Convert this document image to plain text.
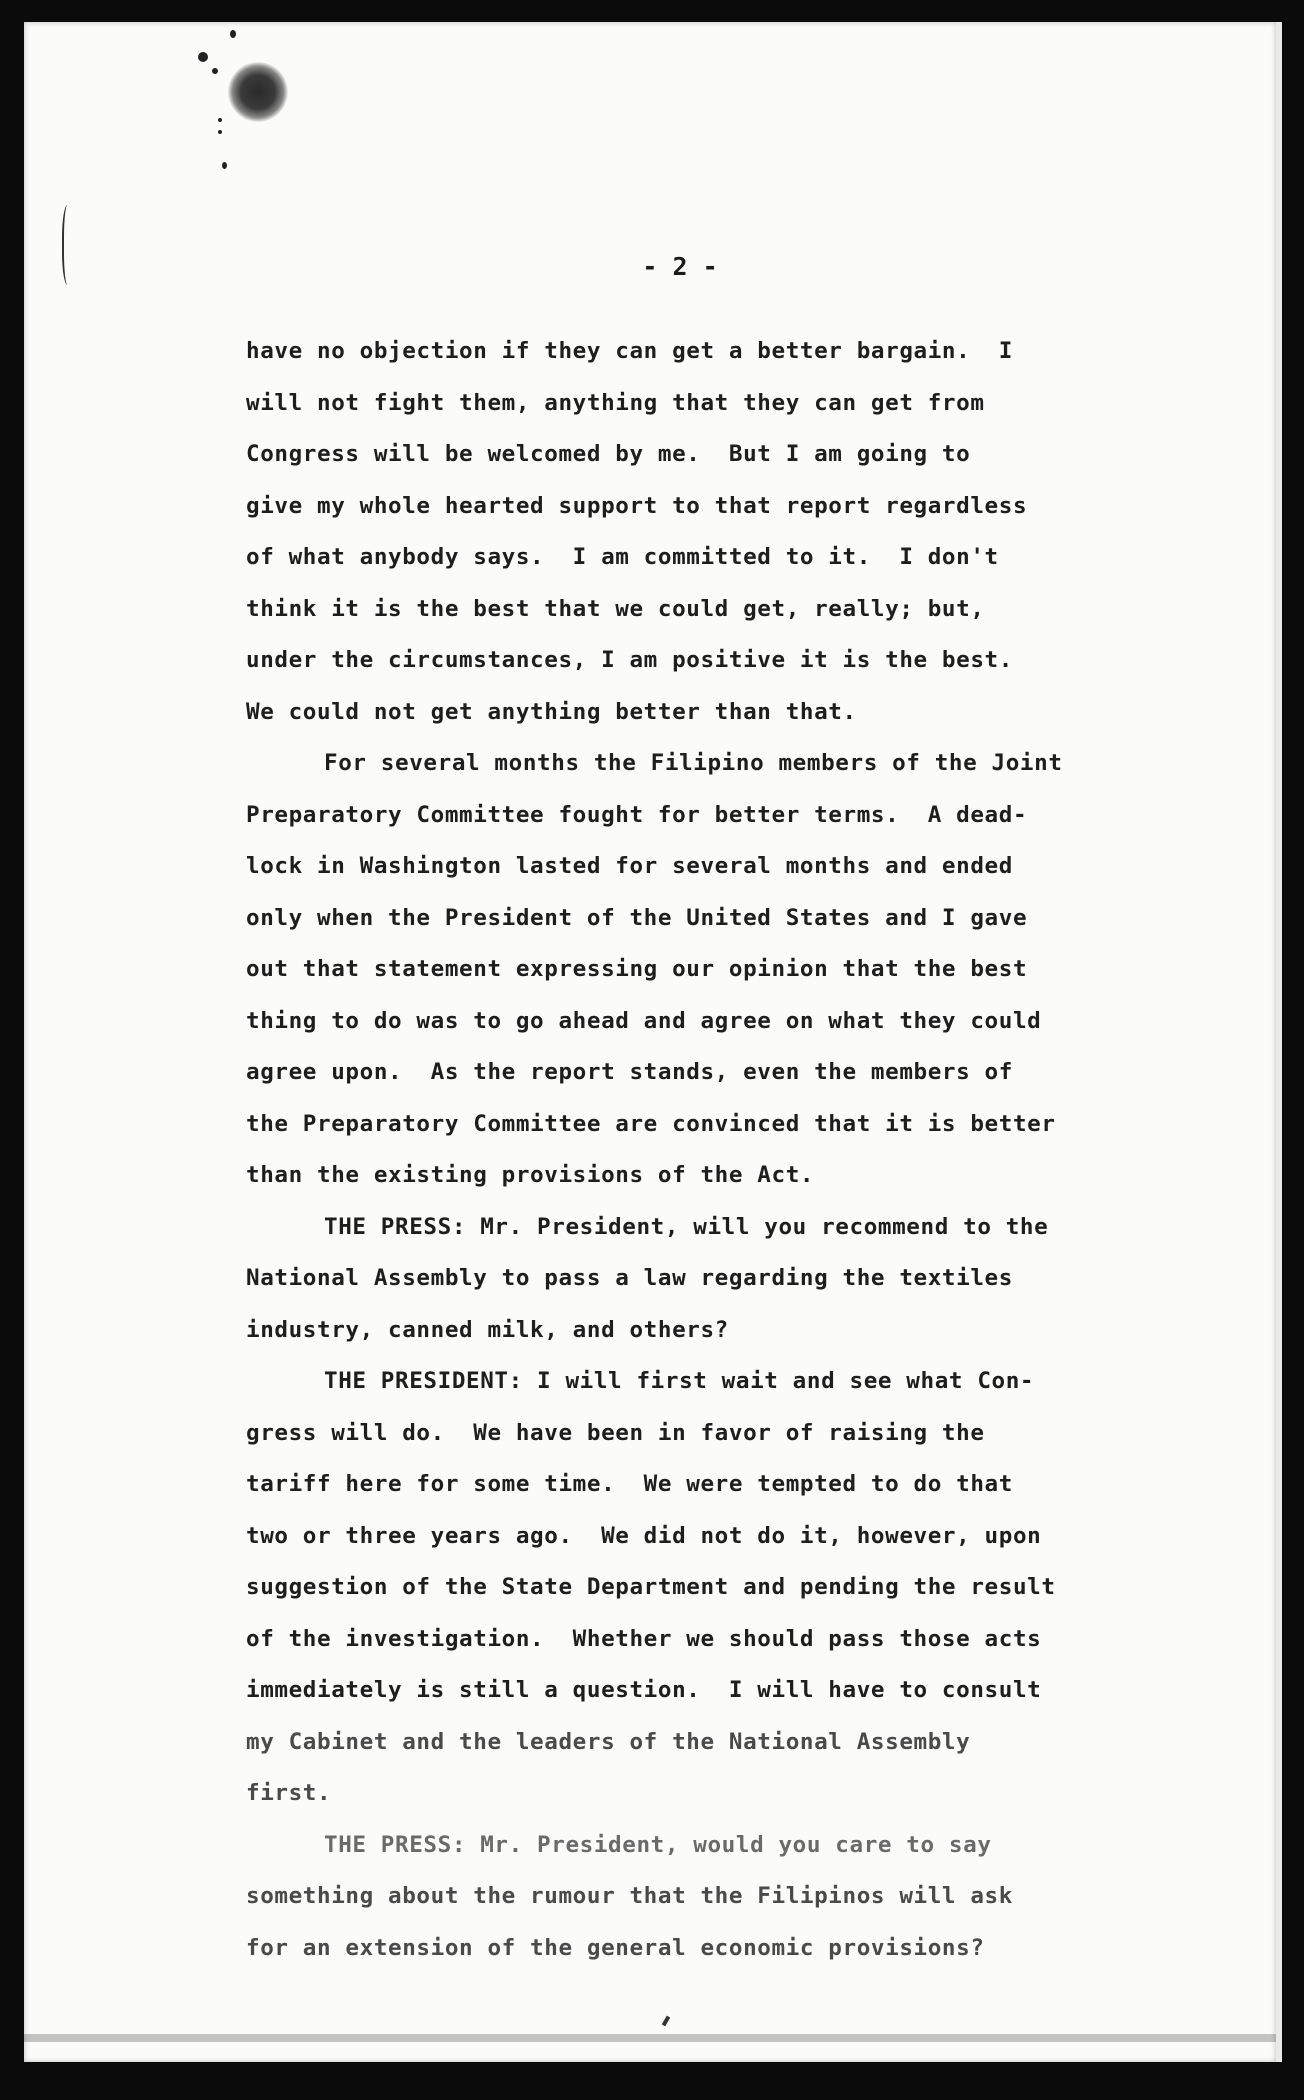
- 2 -
have no objection if they can get a better bargain.  I
will not fight them, anything that they can get from
Congress will be welcomed by me.  But I am going to
give my whole hearted support to that report regardless
of what anybody says.  I am committed to it.  I don't
think it is the best that we could get, really; but,
under the circumstances, I am positive it is the best.
We could not get anything better than that.
For several months the Filipino members of the Joint
Preparatory Committee fought for better terms.  A dead-
lock in Washington lasted for several months and ended
only when the President of the United States and I gave
out that statement expressing our opinion that the best
thing to do was to go ahead and agree on what they could
agree upon.  As the report stands, even the members of
the Preparatory Committee are convinced that it is better
than the existing provisions of the Act.
THE PRESS: Mr. President, will you recommend to the
National Assembly to pass a law regarding the textiles
industry, canned milk, and others?
THE PRESIDENT: I will first wait and see what Con-
gress will do.  We have been in favor of raising the
tariff here for some time.  We were tempted to do that
two or three years ago.  We did not do it, however, upon
suggestion of the State Department and pending the result
of the investigation.  Whether we should pass those acts
immediately is still a question.  I will have to consult
my Cabinet and the leaders of the National Assembly
first.
THE PRESS: Mr. President, would you care to say
something about the rumour that the Filipinos will ask
for an extension of the general economic provisions?
